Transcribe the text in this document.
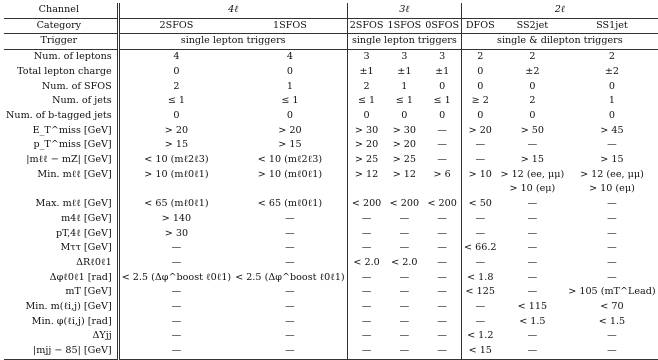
Channel	4ℓ		3ℓ			2ℓ		
Category	2SFOS	1SFOS	2SFOS	1SFOS	0SFOS	DFOS	SS2jet	SS1jet
Trigger	single lepton triggers		single lepton triggers			single & dilepton triggers		
Num. of leptons	4	4	3	3	3	2	2	2
Total lepton charge	0	0	±1	±1	±1	0	±2	±2
Num. of SFOS	2	1	2	1	0	0	0	0
Num. of jets	≤ 1	≤ 1	≤ 1	≤ 1	≤ 1	≥ 2	2	1
Num. of b-tagged jets	0	0	0	0	0	0	0	0
E_T^miss [GeV]	> 20	> 20	> 30	> 30	—	> 20	> 50	> 45
p_T^miss [GeV]	> 15	> 15	> 20	> 20	—	—	—	—
|mℓℓ − mZ| [GeV]	< 10 (mℓ2ℓ3)	< 10 (mℓ2ℓ3)	> 25	> 25	—	—	> 15	> 15
Min. mℓℓ [GeV]	> 10 (mℓ0ℓ1)	> 10 (mℓ0ℓ1)	> 12	> 12	> 6	> 10	> 12 (ee, μμ)	> 12 (ee, μμ)
							> 10 (eμ)	> 10 (eμ)
Max. mℓℓ [GeV]	< 65 (mℓ0ℓ1)	< 65 (mℓ0ℓ1)	< 200	< 200	< 200	< 50	—	—
m4ℓ [GeV]	> 140	—	—	—	—	—	—	—
pT,4ℓ [GeV]	> 30	—	—	—	—	—	—	—
Mττ [GeV]	—	—	—	—	—	< 66.2	—	—
ΔRℓ0ℓ1	—	—	< 2.0	< 2.0	—	—	—	—
Δφℓ0ℓ1 [rad]	< 2.5 (Δφ^boost ℓ0ℓ1)	< 2.5 (Δφ^boost ℓ0ℓ1)	—	—	—	< 1.8	—	—
mT [GeV]	—	—	—	—	—	< 125	—	> 105 (mT^Lead)
Min. m(ℓi,j) [GeV]	—	—	—	—	—	—	< 115	< 70
Min. φ(ℓi,j) [rad]	—	—	—	—	—	—	< 1.5	< 1.5
ΔYjj	—	—	—	—	—	< 1.2	—	—
|mjj − 85| [GeV]	—	—	—	—	—	< 15	—	—
